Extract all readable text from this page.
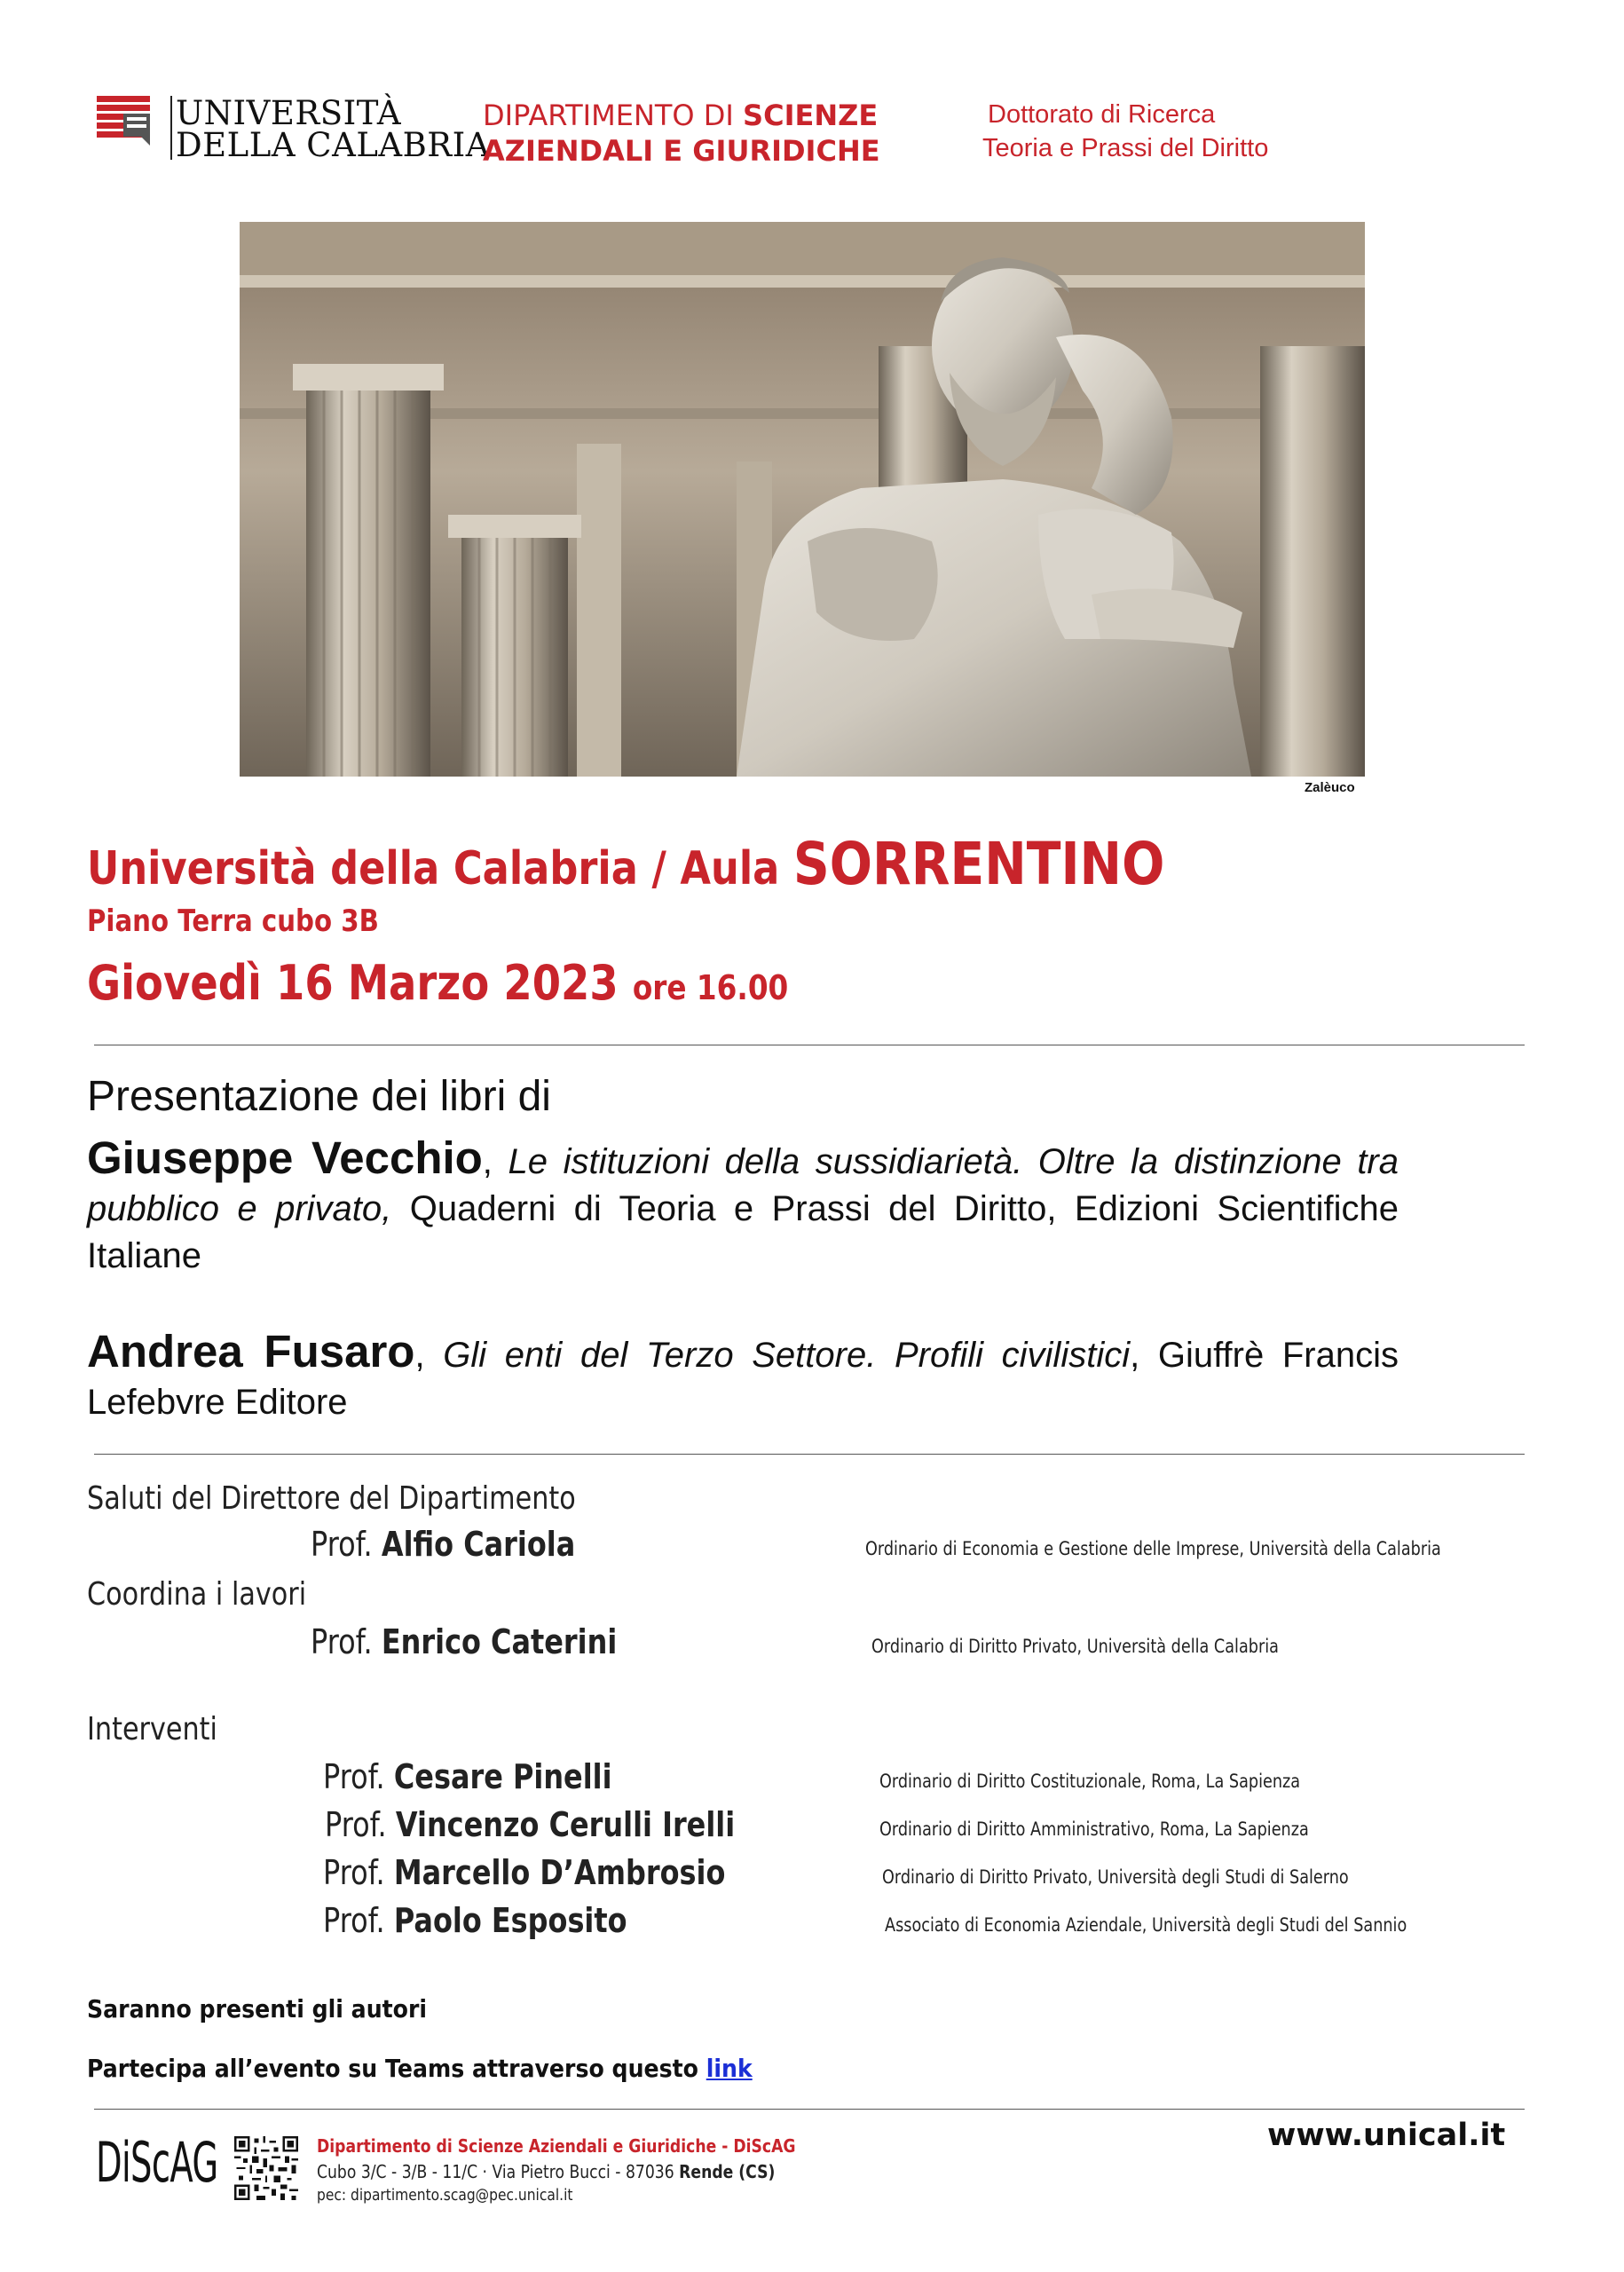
UNIVERSITÀ
DELLA CALABRIA
DIPARTIMENTO DI SCIENZE
AZIENDALI E GIURIDICHE
Dottorato di Ricerca
Teoria e Prassi del Diritto
Zalèuco
Università della Calabria / Aula SORRENTINO
Piano Terra cubo 3B
Giovedì 16 Marzo 2023 ore 16.00
Presentazione dei libri di
Giuseppe Vecchio, Le istituzioni della sussidiarietà. Oltre la distinzione tra pubblico e privato, Quaderni di Teoria e Prassi del Diritto, Edizioni Scientifiche Italiane
Andrea Fusaro, Gli enti del Terzo Settore. Profili civilistici, Giuffrè Francis Lefebvre Editore
Saluti del Direttore del Dipartimento
Prof. Alfio Cariola	Ordinario di Economia e Gestione delle Imprese, Università della Calabria
Coordina i lavori
Prof. Enrico Caterini	Ordinario di Diritto Privato, Università della Calabria
Interventi
Prof. Cesare Pinelli	Ordinario di Diritto Costituzionale, Roma, La Sapienza
Prof. Vincenzo Cerulli Irelli	Ordinario di Diritto Amministrativo, Roma, La Sapienza
Prof. Marcello D’Ambrosio	Ordinario di Diritto Privato, Università degli Studi di Salerno
Prof. Paolo Esposito	Associato di Economia Aziendale, Università degli Studi del Sannio
Saranno presenti gli autori
Partecipa all’evento su Teams attraverso questo link
DiScAG	Dipartimento di Scienze Aziendali e Giuridiche - DiScAG
Cubo 3/C - 3/B - 11/C · Via Pietro Bucci - 87036 Rende (CS)
pec: dipartimento.scag@pec.unical.it
www.unical.it
